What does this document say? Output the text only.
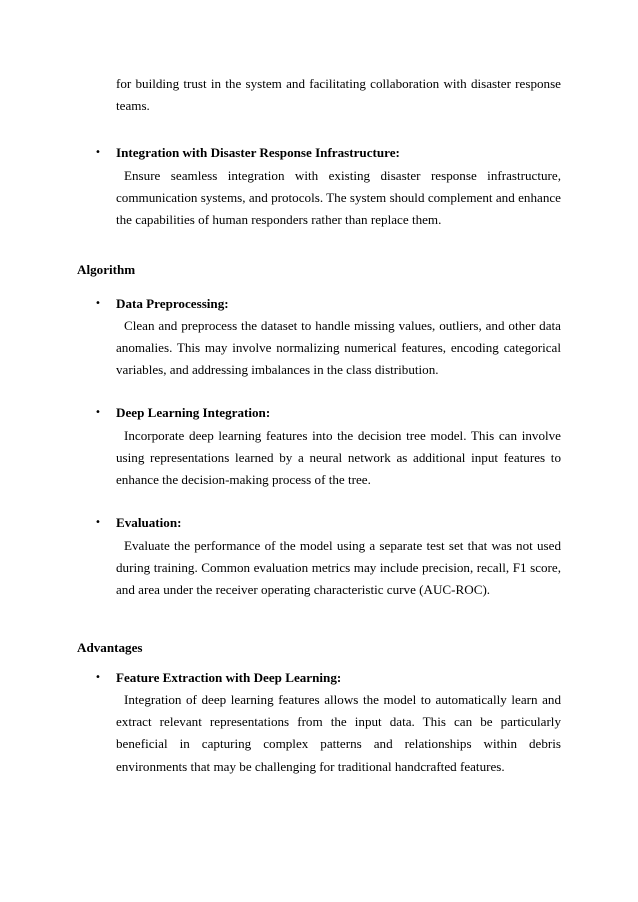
for building trust in the system and facilitating collaboration with disaster response teams.

•	Integration with Disaster Response Infrastructure:

Ensure seamless integration with existing disaster response infrastructure, communication systems, and protocols. The system should complement and enhance the capabilities of human responders rather than replace them.

Algorithm
•	Data Preprocessing:

Clean and preprocess the dataset to handle missing values, outliers, and other data anomalies. This may involve normalizing numerical features, encoding categorical variables, and addressing imbalances in the class distribution.

•	Deep Learning Integration:

Incorporate deep learning features into the decision tree model. This can involve using representations learned by a neural network as additional input features to enhance the decision-making process of the tree.

•	Evaluation:

Evaluate the performance of the model using a separate test set that was not used during training. Common evaluation metrics may include precision, recall, F1 score, and area under the receiver operating characteristic curve (AUC-ROC).

Advantages
•	Feature Extraction with Deep Learning:

Integration of deep learning features allows the model to automatically learn and extract relevant representations from the input data. This can be particularly beneficial in capturing complex patterns and relationships within debris environments that may be challenging for traditional handcrafted features.
